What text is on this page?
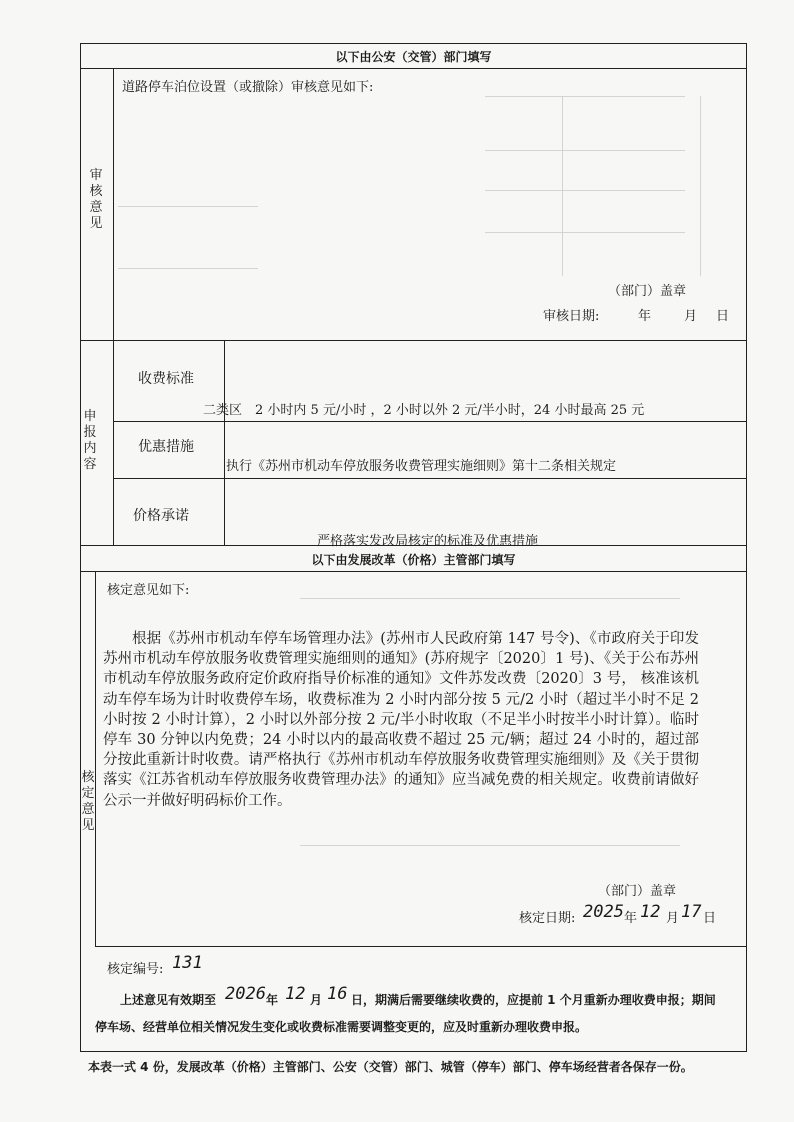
以下由公安（交管）部门填写
审核意见
道路停车泊位设置（或撤除）审核意见如下:
（部门）盖章
审核日期:	年	月 日
申报内容
收费标准
二类区　2 小时内 5 元/小时 ，2 小时以外 2 元/半小时，24 小时最高 25 元
优惠措施
执行《苏州市机动车停放服务收费管理实施细则》第十二条相关规定
价格承诺
严格落实发改局核定的标准及优惠措施
以下由发展改革（价格）主管部门填写
核定意见
核定意见如下:
根据《苏州市机动车停车场管理办法》(苏州市人民政府第 147 号令)、《市政府关于印发苏州市机动车停放服务收费管理实施细则的通知》(苏府规字〔2020〕1 号)、《关于公布苏州市机动车停放服务政府定价政府指导价标准的通知》文件苏发改费〔2020〕3 号， 核准该机动车停车场为计时收费停车场，收费标准为 2 小时内部分按 5 元/2 小时（超过半小时不足 2 小时按 2 小时计算），2 小时以外部分按 2 元/半小时收取（不足半小时按半小时计算）。临时停车 30 分钟以内免费；24 小时以内的最高收费不超过 25 元/辆；超过 24 小时的，超过部分按此重新计时收费。请严格执行《苏州市机动车停放服务收费管理实施细则》及《关于贯彻落实《江苏省机动车停放服务收费管理办法》的通知》应当减免费的相关规定。收费前请做好公示一并做好明码标价工作。
（部门）盖章
核定日期: 2025 年 12 月 17 日
核定编号: 131
上述意见有效期至 2026 年 12 月 16 日，期满后需要继续收费的，应提前 1 个月重新办理收费申报；期间
停车场、经营单位相关情况发生变化或收费标准需要调整变更的，应及时重新办理收费申报。
本表一式 4 份，发展改革（价格）主管部门、公安（交管）部门、城管（停车）部门、停车场经营者各保存一份。
